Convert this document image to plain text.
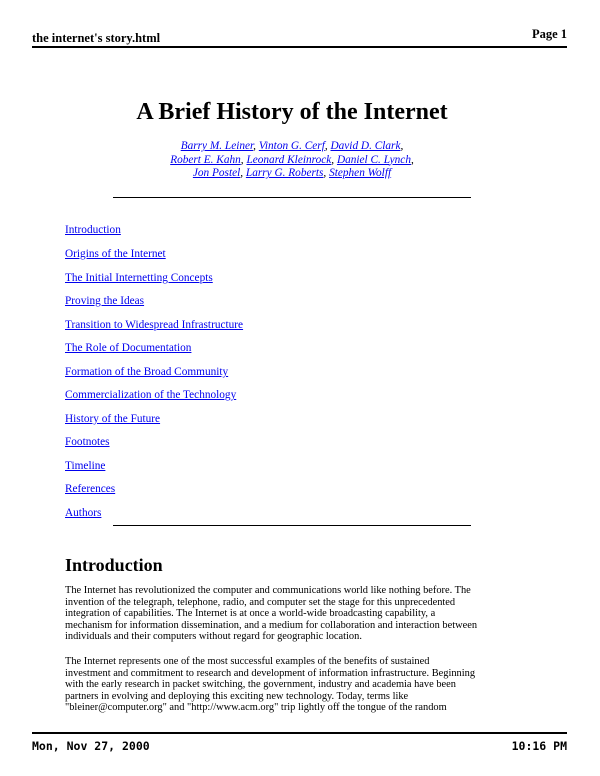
the internet's story.html	Page 1
A Brief History of the Internet
Barry M. Leiner, Vinton G. Cerf, David D. Clark,
Robert E. Kahn, Leonard Kleinrock, Daniel C. Lynch,
Jon Postel, Larry G. Roberts, Stephen Wolff
Introduction
Origins of the Internet
The Initial Internetting Concepts
Proving the Ideas
Transition to Widespread Infrastructure
The Role of Documentation
Formation of the Broad Community
Commercialization of the Technology
History of the Future
Footnotes
Timeline
References
Authors
Introduction

The Internet has revolutionized the computer and communications world like nothing before. The
invention of the telegraph, telephone, radio, and computer set the stage for this unprecedented
integration of capabilities. The Internet is at once a world-wide broadcasting capability, a
mechanism for information dissemination, and a medium for collaboration and interaction between
individuals and their computers without regard for geographic location.

The Internet represents one of the most successful examples of the benefits of sustained
investment and commitment to research and development of information infrastructure. Beginning
with the early research in packet switching, the government, industry and academia have been
partners in evolving and deploying this exciting new technology. Today, terms like
"bleiner@computer.org" and "http://www.acm.org" trip lightly off the tongue of the random

Mon, Nov 27, 2000	10:16 PM
